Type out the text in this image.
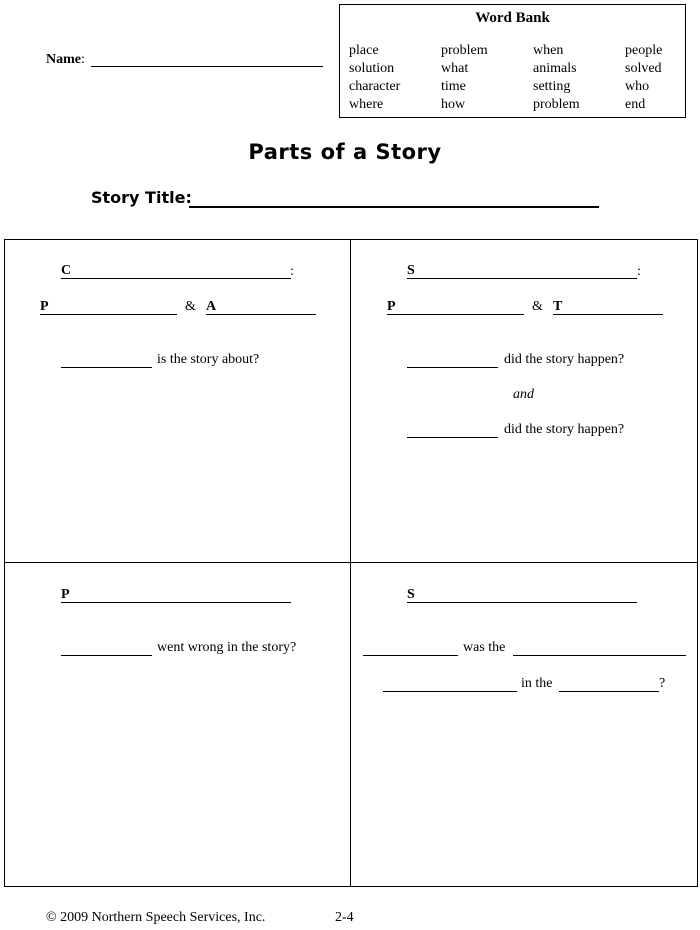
Name:
Word Bank
place	problem	when	people
solution	what	animals	solved
character	time	setting	who
where	how	problem	end
Parts of a Story
Story Title:
C	:
P	& A
is the story about?
S	:
P	& T
did the story happen?
and
did the story happen?
P
went wrong in the story?
S
was the
in the	?
© 2009 Northern Speech Services, Inc.	2-4
